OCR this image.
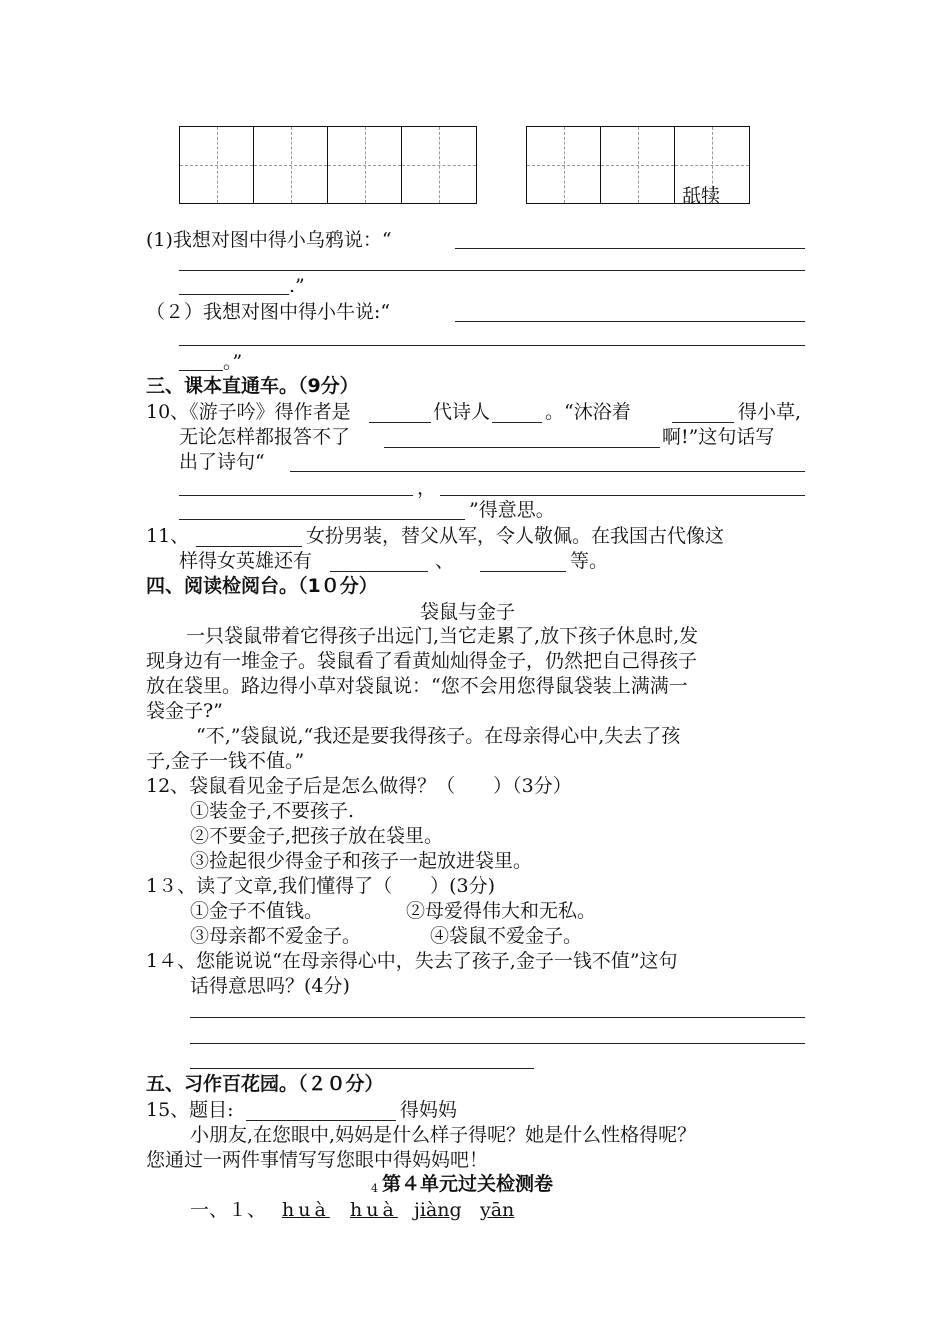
舐犊
(1)我想对图中得小乌鸦说：“
.”
（２）我想对图中得小牛说:“
。”
三、课本直通车。（9分）
10、《游子吟》得作者是	代诗人	。“沐浴着	得小草,
无论怎样都报答不了	啊!”这句话写
出了诗句“
，
”得意思。
11、	女扮男装，替父从军，令人敬佩。在我国古代像这
样得女英雄还有	、	等。
四、阅读检阅台。（1０分）
袋鼠与金子
一只袋鼠带着它得孩子出远门,当它走累了,放下孩子休息时,发
现身边有一堆金子。袋鼠看了看黄灿灿得金子，仍然把自己得孩子
放在袋里。路边得小草对袋鼠说：“您不会用您得鼠袋装上满满一
袋金子?”
“不,”袋鼠说,“我还是要我得孩子。在母亲得心中,失去了孩
子,金子一钱不值。”
12、袋鼠看见金子后是怎么做得？（　　）（3分）
①装金子,不要孩子.
②不要金子,把孩子放在袋里。
③捡起很少得金子和孩子一起放进袋里。
1３、读了文章,我们懂得了（　　）(3分)
①金子不值钱。	②母爱得伟大和无私。
③母亲都不爱金子。	④袋鼠不爱金子。
1４、您能说说“在母亲得心中，失去了孩子,金子一钱不值”这句
话得意思吗？(4分)
五、习作百花园。（２０分）
15、题目:	得妈妈
小朋友,在您眼中,妈妈是什么样子得呢？她是什么性格得呢？
您通过一两件事情写写您眼中得妈妈吧！
4 第４单元过关检测卷
一、１、 huà huà jiàng yān
